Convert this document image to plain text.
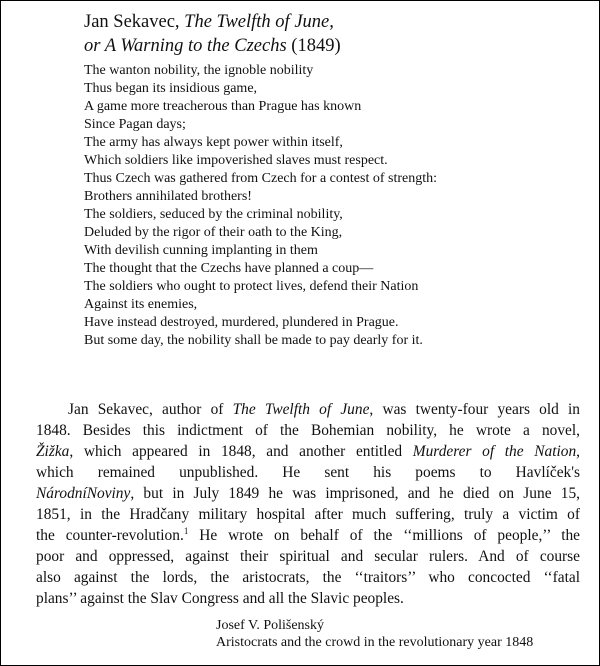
Jan Sekavec, The Twelfth of June,
or A Warning to the Czechs (1849)
The wanton nobility, the ignoble nobility
Thus began its insidious game,
A game more treacherous than Prague has known
Since Pagan days;
The army has always kept power within itself,
Which soldiers like impoverished slaves must respect.
Thus Czech was gathered from Czech for a contest of strength:
Brothers annihilated brothers!
The soldiers, seduced by the criminal nobility,
Deluded by the rigor of their oath to the King,
With devilish cunning implanting in them
The thought that the Czechs have planned a coup—
The soldiers who ought to protect lives, defend their Nation
Against its enemies,
Have instead destroyed, murdered, plundered in Prague.
But some day, the nobility shall be made to pay dearly for it.
Jan Sekavec, author of The Twelfth of June, was twenty-four years old in
1848. Besides this indictment of the Bohemian nobility, he wrote a novel,
Žižka, which appeared in 1848, and another entitled Murderer of the Nation,
which remained unpublished. He sent his poems to Havlíček's
NárodníNoviny, but in July 1849 he was imprisoned, and he died on June 15,
1851, in the Hradčany military hospital after much suffering, truly a victim of
the counter-revolution.$^1$ He wrote on behalf of the ‘‘millions of people,’’ the
poor and oppressed, against their spiritual and secular rulers. And of course
also against the lords, the aristocrats, the ‘‘traitors’’ who concocted ‘‘fatal
plans’’ against the Slav Congress and all the Slavic peoples.
Josef V. Polišenský
Aristocrats and the crowd in the revolutionary year 1848
